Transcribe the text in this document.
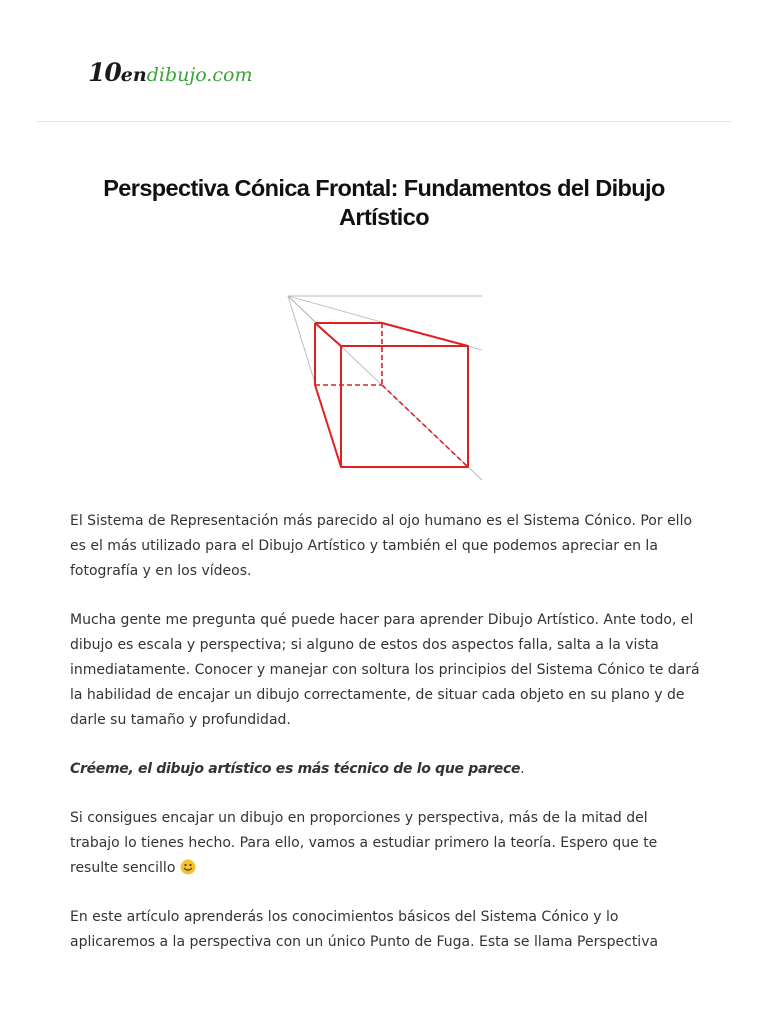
10 en dibujo.com
Perspectiva Cónica Frontal: Fundamentos del Dibujo Artístico

El Sistema de Representación más parecido al ojo humano es el Sistema Cónico. Por ello es el más utilizado para el Dibujo Artístico y también el que podemos apreciar en la fotografía y en los vídeos.

Mucha gente me pregunta qué puede hacer para aprender Dibujo Artístico. Ante todo, el dibujo es escala y perspectiva; si alguno de estos dos aspectos falla, salta a la vista inmediatamente. Conocer y manejar con soltura los principios del Sistema Cónico te dará la habilidad de encajar un dibujo correctamente, de situar cada objeto en su plano y de darle su tamaño y profundidad.

Créeme, el dibujo artístico es más técnico de lo que parece.

Si consigues encajar un dibujo en proporciones y perspectiva, más de la mitad del trabajo lo tienes hecho. Para ello, vamos a estudiar primero la teoría. Espero que te resulte sencillo

En este artículo aprenderás los conocimientos básicos del Sistema Cónico y lo aplicaremos a la perspectiva con un único Punto de Fuga. Esta se llama Perspectiva
